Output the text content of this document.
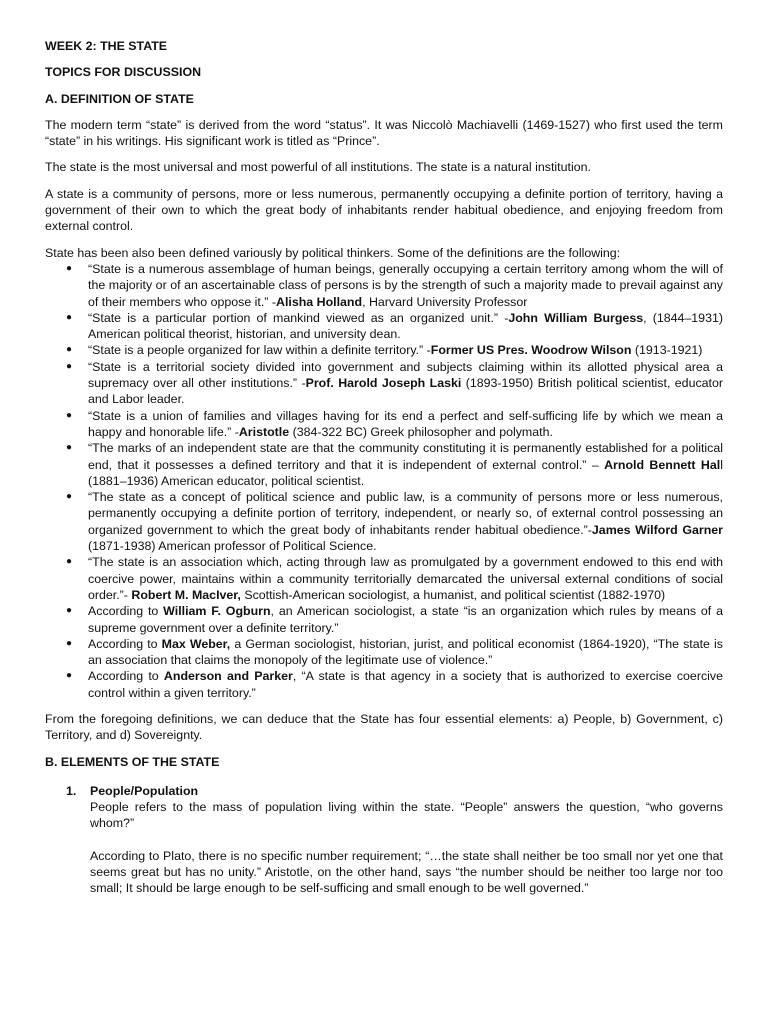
WEEK 2: THE STATE
TOPICS FOR DISCUSSION
A. DEFINITION OF STATE

The modern term “state” is derived from the word “status”. It was Niccolò Machiavelli (1469-1527) who first used the term “state” in his writings. His significant work is titled as “Prince”.

The state is the most universal and most powerful of all institutions. The state is a natural institution.

A state is a community of persons, more or less numerous, permanently occupying a definite portion of territory, having a government of their own to which the great body of inhabitants render habitual obedience, and enjoying freedom from external control.

State has been also been defined variously by political thinkers. Some of the definitions are the following:

● “State is a numerous assemblage of human beings, generally occupying a certain territory among whom the will of the majority or of an ascertainable class of persons is by the strength of such a majority made to prevail against any of their members who oppose it.” -Alisha Holland, Harvard University Professor
● “State is a particular portion of mankind viewed as an organized unit.” -John William Burgess, (1844–1931) American political theorist, historian, and university dean.
● “State is a people organized for law within a definite territory.” -Former US Pres. Woodrow Wilson (1913-1921)
● “State is a territorial society divided into government and subjects claiming within its allotted physical area a supremacy over all other institutions.” -Prof. Harold Joseph Laski (1893-1950) British political scientist, educator and Labor leader.
● “State is a union of families and villages having for its end a perfect and self-sufficing life by which we mean a happy and honorable life.” -Aristotle (384-322 BC) Greek philosopher and polymath.
● “The marks of an independent state are that the community constituting it is permanently established for a political end, that it possesses a defined territory and that it is independent of external control.” – Arnold Bennett Hall (1881–1936) American educator, political scientist.
● “The state as a concept of political science and public law, is a community of persons more or less numerous, permanently occupying a definite portion of territory, independent, or nearly so, of external control possessing an organized government to which the great body of inhabitants render habitual obedience.”-James Wilford Garner (1871-1938) American professor of Political Science.
● “The state is an association which, acting through law as promulgated by a government endowed to this end with coercive power, maintains within a community territorially demarcated the universal external conditions of social order.”- Robert M. MacIver, Scottish-American sociologist, a humanist, and political scientist (1882-1970)
● According to William F. Ogburn, an American sociologist, a state “is an organization which rules by means of a supreme government over a definite territory.”
● According to Max Weber, a German sociologist, historian, jurist, and political economist (1864-1920), “The state is an association that claims the monopoly of the legitimate use of violence.”
● According to Anderson and Parker, “A state is that agency in a society that is authorized to exercise coercive control within a given territory.”

From the foregoing definitions, we can deduce that the State has four essential elements: a) People, b) Government, c) Territory, and d) Sovereignty.

B. ELEMENTS OF THE STATE
1. People/Population

People refers to the mass of population living within the state. “People” answers the question, “who governs whom?”

According to Plato, there is no specific number requirement; “…the state shall neither be too small nor yet one that seems great but has no unity.” Aristotle, on the other hand, says “the number should be neither too large nor too small; It should be large enough to be self-sufficing and small enough to be well governed.”
